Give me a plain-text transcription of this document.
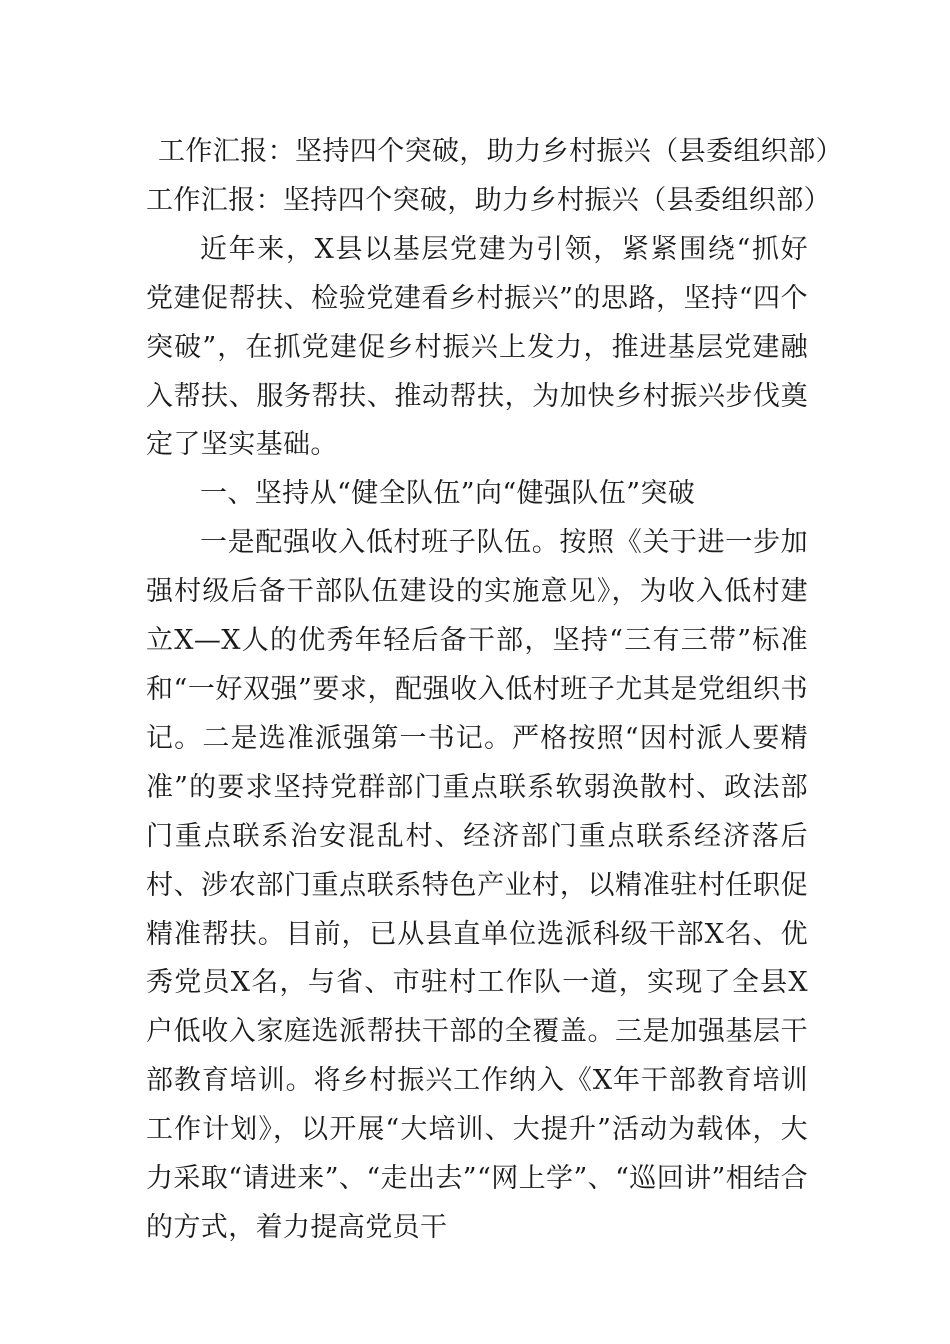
工作汇报：坚持四个突破，助力乡村振兴（县委组织部）

工作汇报：坚持四个突破，助力乡村振兴（县委组织部）

近年来，X县以基层党建为引领，紧紧围绕“抓好党建促帮扶、检验党建看乡村振兴”的思路，坚持“四个突破”，在抓党建促乡村振兴上发力，推进基层党建融入帮扶、服务帮扶、推动帮扶，为加快乡村振兴步伐奠定了坚实基础。

一、坚持从“健全队伍”向“健强队伍”突破

一是配强收入低村班子队伍。按照《关于进一步加强村级后备干部队伍建设的实施意见》，为收入低村建立X—X人的优秀年轻后备干部，坚持“三有三带”标准和“一好双强”要求，配强收入低村班子尤其是党组织书记。二是选准派强第一书记。严格按照“因村派人要精准”的要求坚持党群部门重点联系软弱涣散村、政法部门重点联系治安混乱村、经济部门重点联系经济落后村、涉农部门重点联系特色产业村，以精准驻村任职促精准帮扶。目前，已从县直单位选派科级干部X名、优秀党员X名，与省、市驻村工作队一道，实现了全县X户低收入家庭选派帮扶干部的全覆盖。三是加强基层干部教育培训。将乡村振兴工作纳入《X年干部教育培训工作计划》，以开展“大培训、大提升”活动为载体，大力采取“请进来”、“走出去”“网上学”、“巡回讲”相结合的方式，着力提高党员干
